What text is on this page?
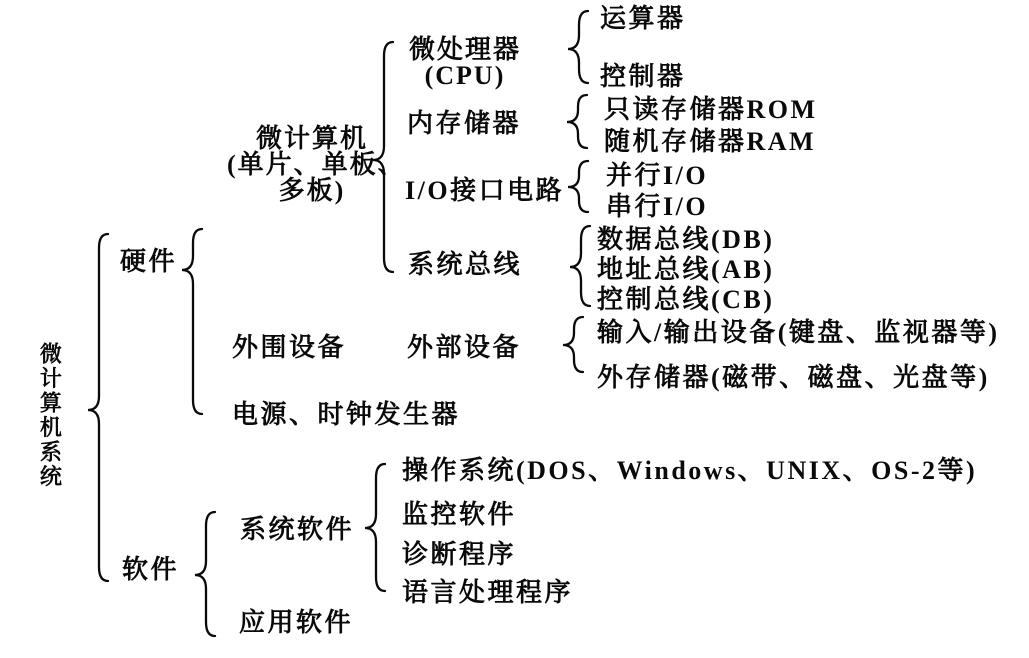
微计算机系统
硬件
软件
微计算机
(单片、单板、
多板)
外围设备
电源、时钟发生器
系统软件
应用软件
微处理器
(CPU)
内存储器
I/O接口电路
系统总线
外部设备
运算器
控制器
只读存储器ROM
随机存储器RAM
并行I/O
串行I/O
数据总线(DB)
地址总线(AB)
控制总线(CB)
输入/输出设备(键盘、监视器等)
外存储器(磁带、磁盘、光盘等)
操作系统(DOS、Windows、UNIX、OS-2等)
监控软件
诊断程序
语言处理程序
